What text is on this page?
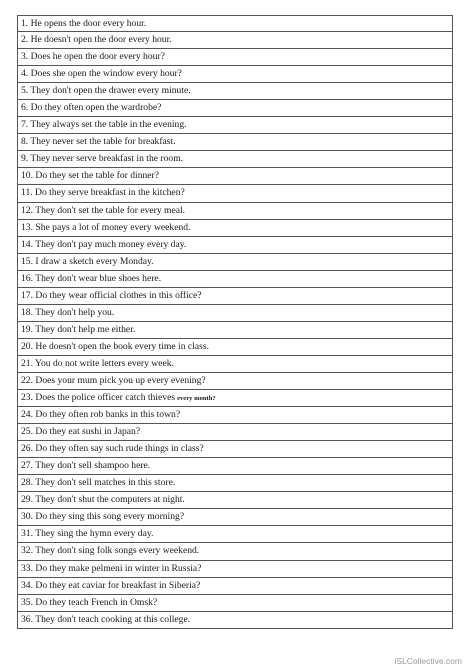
1. He opens the door every hour.
2. He doesn't open the door every hour.
3. Does he open the door every hour?
4. Does she open the window every hour?
5. They don't open the drawer every minute.
6. Do they often open the wardrobe?
7. They always set the table in the evening.
8. They never set the table for breakfast.
9. They never serve breakfast in the room.
10. Do they set the table for dinner?
11. Do they serve breakfast in the kitchen?
12. They don't set the table for every meal.
13. She pays a lot of money every weekend.
14. They don't pay much money every day.
15. I draw a sketch every Monday.
16. They don't wear blue shoes here.
17. Do they wear official clothes in this office?
18. They don't help you.
19. They don't help me either.
20. He doesn't open the book every time in class.
21. You do not write letters every week.
22. Does your mum pick you up every evening?
23. Does the police officer catch thieves every month?
24. Do they often rob banks in this town?
25. Do they eat sushi in Japan?
26. Do they often say such rude things in class?
27. They don't sell shampoo here.
28. They don't sell matches in this store.
29. They don't shut the computers at night.
30. Do they sing this song every morning?
31. They sing the hymn every day.
32. They don't sing folk songs every weekend.
33. Do they make pelmeni in winter in Russia?
34. Do they eat caviar for breakfast in Siberia?
35. Do they teach French in Omsk?
36. They don't teach cooking at this college.
iSLCollective.com
